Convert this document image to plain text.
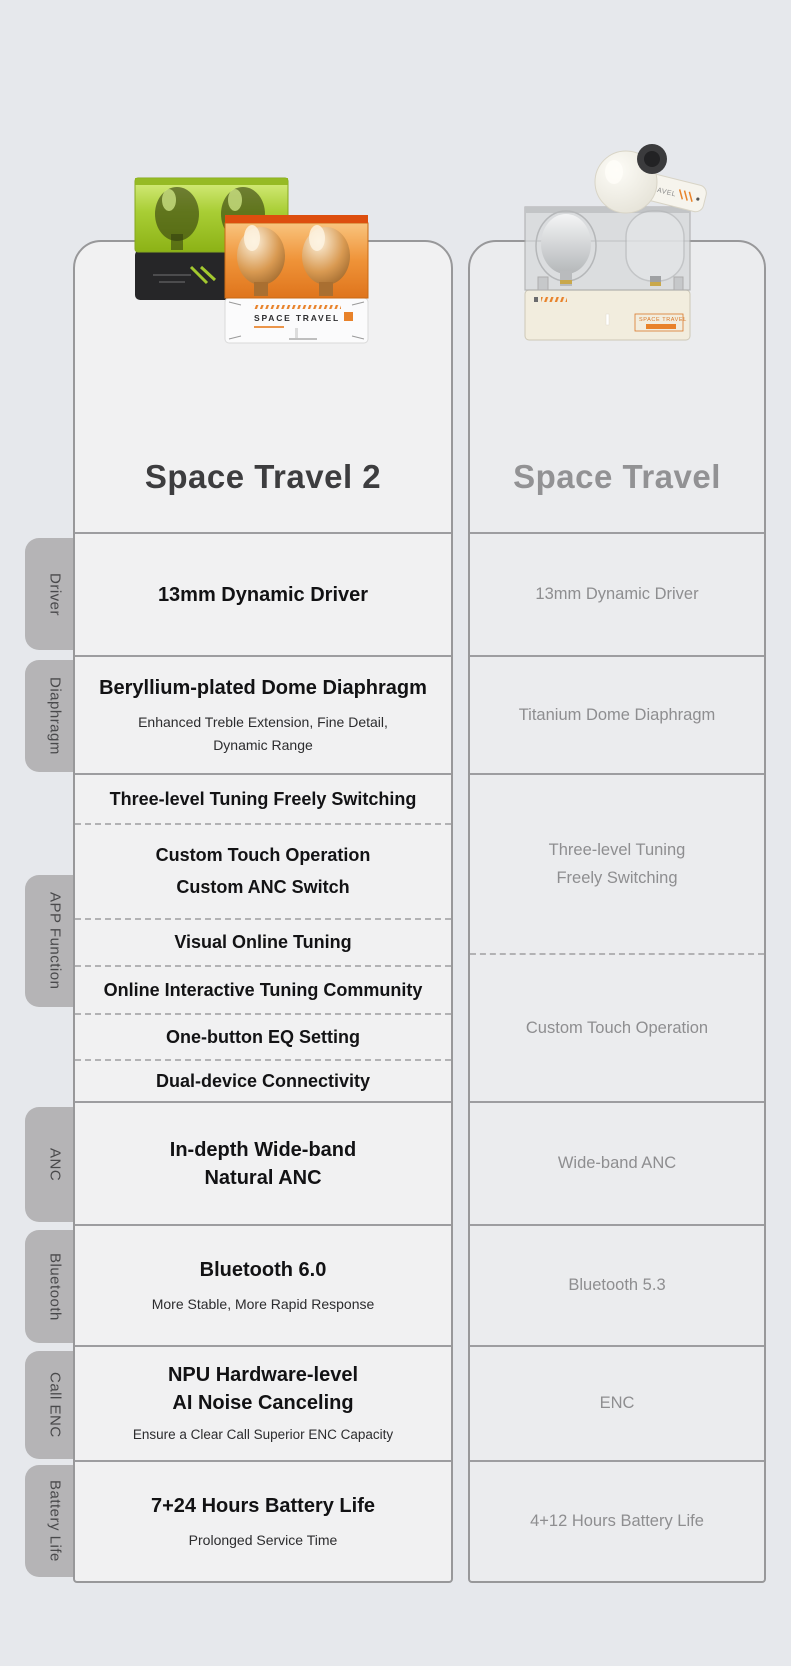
Driver
Diaphragm
APP Function
ANC
Bluetooth
Call ENC
Battery Life
Space Travel 2
13mm Dynamic Driver
Beryllium-plated Dome Diaphragm
Enhanced Treble Extension, Fine Detail,
Dynamic Range
Three-level Tuning Freely Switching
Custom Touch Operation
Custom ANC Switch
Visual Online Tuning
Online Interactive Tuning Community
One-button EQ Setting
Dual-device Connectivity
In-depth Wide-band
Natural ANC
Bluetooth 6.0
More Stable, More Rapid Response
NPU Hardware-level
AI Noise Canceling
Ensure a Clear Call Superior ENC Capacity
7+24 Hours Battery Life
Prolonged Service Time
Space Travel
13mm Dynamic Driver
Titanium Dome Diaphragm
Three-level Tuning
Freely Switching
Custom Touch Operation
Wide-band ANC
Bluetooth 5.3
ENC
4+12 Hours Battery Life
SPACE TRAVEL	SPACE TRAVEL
TRAVEL
